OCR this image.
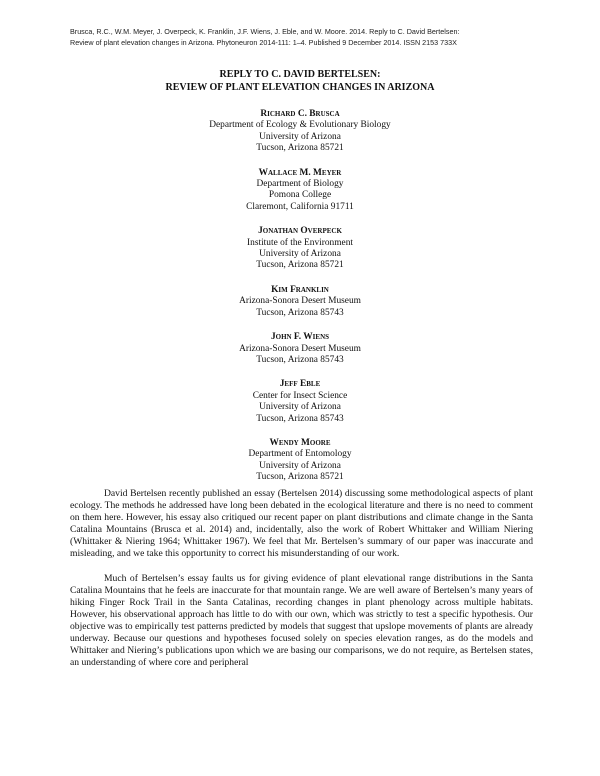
Brusca, R.C., W.M. Meyer, J. Overpeck, K. Franklin, J.F. Wiens, J. Eble, and W. Moore. 2014. Reply to C. David Bertelsen:
Review of plant elevation changes in Arizona. Phytoneuron 2014-111: 1–4. Published 9 December 2014. ISSN 2153 733X
REPLY TO C. DAVID BERTELSEN:
REVIEW OF PLANT ELEVATION CHANGES IN ARIZONA
Richard C. Brusca
Department of Ecology & Evolutionary Biology
University of Arizona
Tucson, Arizona 85721
Wallace M. Meyer
Department of Biology
Pomona College
Claremont, California 91711
Jonathan Overpeck
Institute of the Environment
University of Arizona
Tucson, Arizona 85721
Kim Franklin
Arizona-Sonora Desert Museum
Tucson, Arizona 85743
John F. Wiens
Arizona-Sonora Desert Museum
Tucson, Arizona 85743
Jeff Eble
Center for Insect Science
University of Arizona
Tucson, Arizona 85743
Wendy Moore
Department of Entomology
University of Arizona
Tucson, Arizona 85721

David Bertelsen recently published an essay (Bertelsen 2014) discussing some methodological aspects of plant ecology. The methods he addressed have long been debated in the ecological literature and there is no need to comment on them here. However, his essay also critiqued our recent paper on plant distributions and climate change in the Santa Catalina Mountains (Brusca et al. 2014) and, incidentally, also the work of Robert Whittaker and William Niering (Whittaker & Niering 1964; Whittaker 1967). We feel that Mr. Bertelsen’s summary of our paper was inaccurate and misleading, and we take this opportunity to correct his misunderstanding of our work.

Much of Bertelsen’s essay faults us for giving evidence of plant elevational range distributions in the Santa Catalina Mountains that he feels are inaccurate for that mountain range. We are well aware of Bertelsen’s many years of hiking Finger Rock Trail in the Santa Catalinas, recording changes in plant phenology across multiple habitats. However, his observational approach has little to do with our own, which was strictly to test a specific hypothesis. Our objective was to empirically test patterns predicted by models that suggest that upslope movements of plants are already underway. Because our questions and hypotheses focused solely on species elevation ranges, as do the models and Whittaker and Niering’s publications upon which we are basing our comparisons, we do not require, as Bertelsen states, an understanding of where core and peripheral
